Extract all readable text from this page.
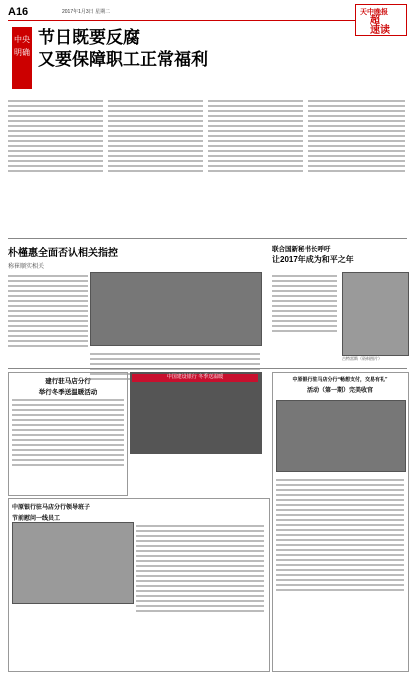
A16	2017年1月3日 星期二	天中晚报
超
速读
中央
明确
节日既要反腐
又要保障职工正常福利
朴槿惠全面否认相关指控
称崔顺实相关
联合国新秘书长呼吁
让2017年成为和平之年
古特雷斯（资料图片）
中国建设银行 冬季送温暖
建行驻马店分行
举行冬季送温暖活动
中原银行驻马店分行领导班子
节前慰问一线员工
中原银行驻马店分行“畅想支付，交易有礼”
活动（第一期）完美收官
